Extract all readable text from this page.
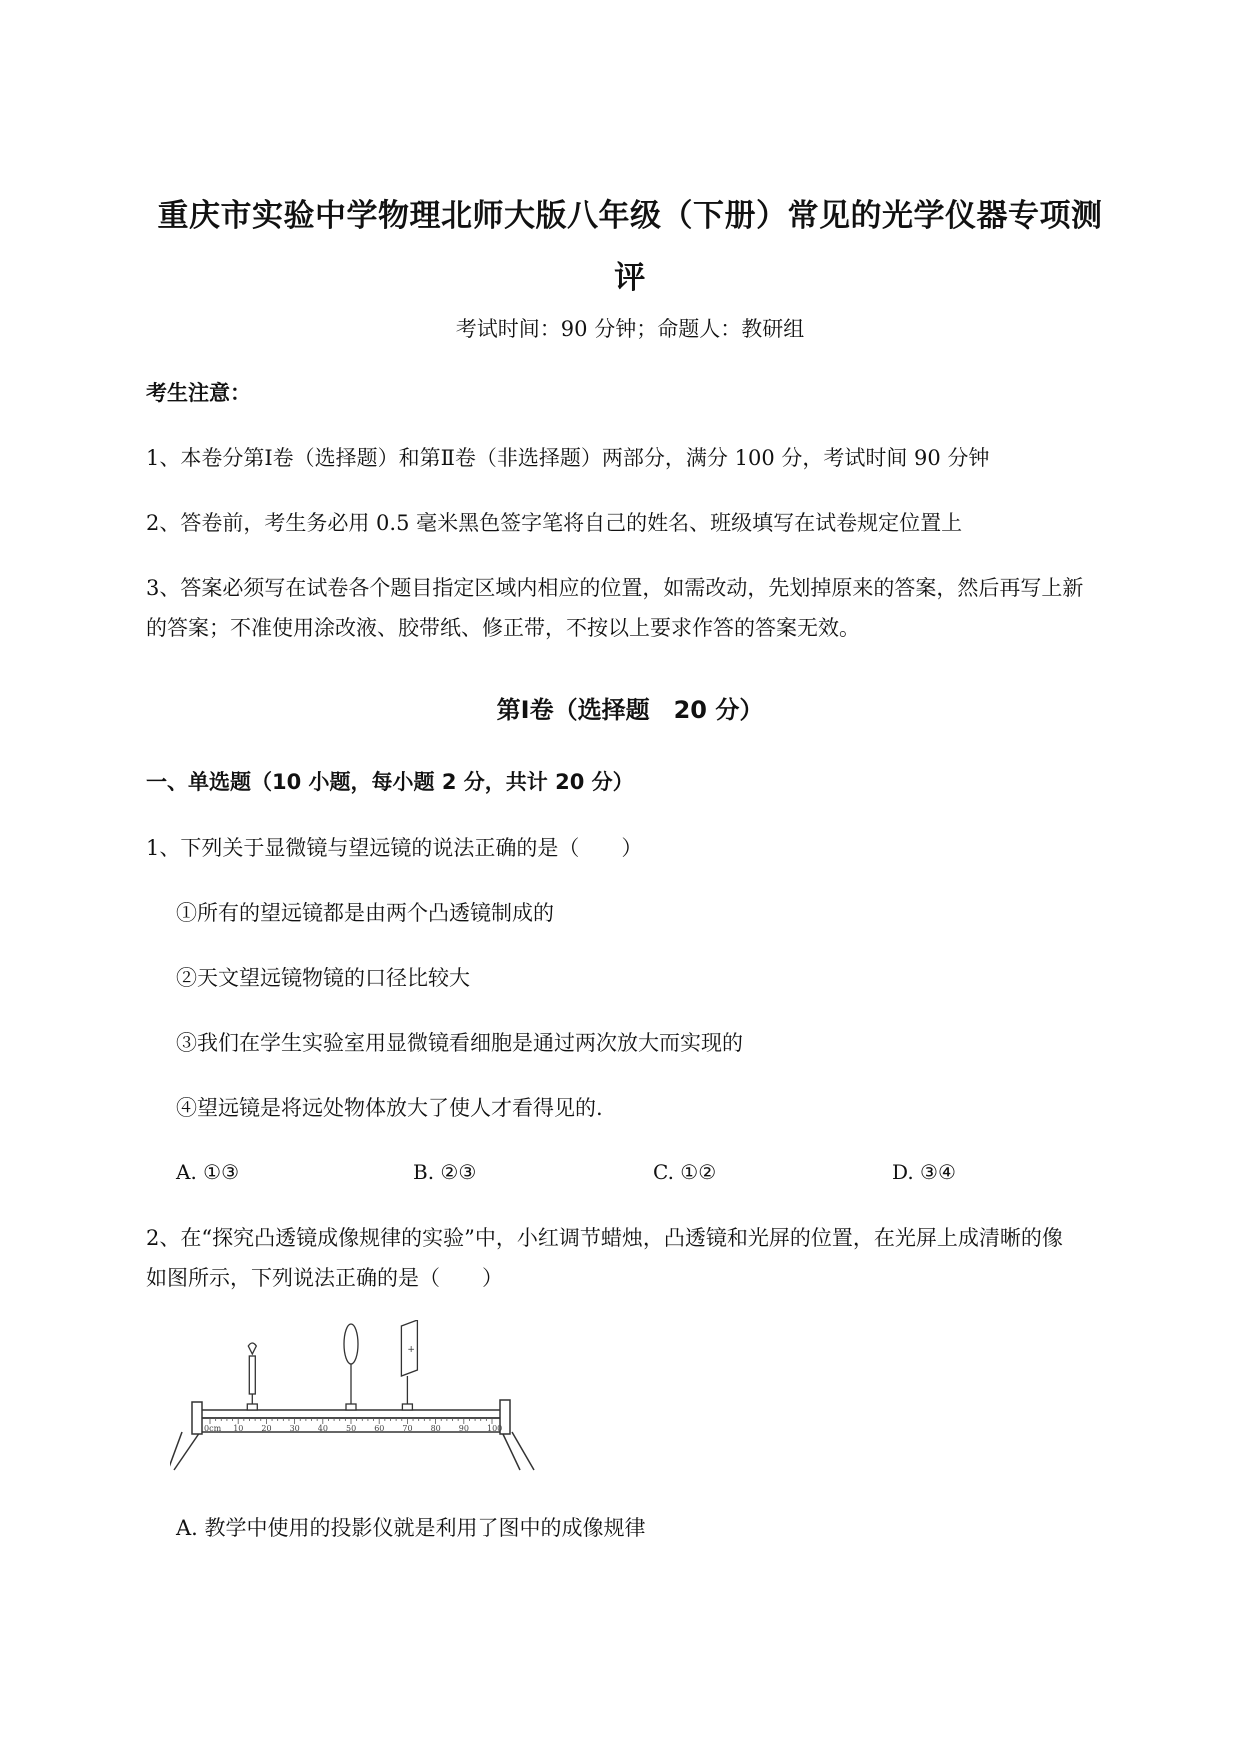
重庆市实验中学物理北师大版八年级（下册）常见的光学仪器专项测
评
考试时间：90 分钟；命题人：教研组
考生注意：
1、本卷分第Ⅰ卷（选择题）和第Ⅱ卷（非选择题）两部分，满分 100 分，考试时间 90 分钟
2、答卷前，考生务必用 0.5 毫米黑色签字笔将自己的姓名、班级填写在试卷规定位置上
3、答案必须写在试卷各个题目指定区域内相应的位置，如需改动，先划掉原来的答案，然后再写上新
的答案；不准使用涂改液、胶带纸、修正带，不按以上要求作答的答案无效。
第Ⅰ卷（选择题　20 分）
一、单选题（10 小题，每小题 2 分，共计 20 分）
1、下列关于显微镜与望远镜的说法正确的是（　　）
①所有的望远镜都是由两个凸透镜制成的
②天文望远镜物镜的口径比较大
③我们在学生实验室用显微镜看细胞是通过两次放大而实现的
④望远镜是将远处物体放大了使人才看得见的.
A. ①③	B. ②③	C. ①②	D. ③④
2、在“探究凸透镜成像规律的实验”中，小红调节蜡烛，凸透镜和光屏的位置，在光屏上成清晰的像
如图所示，下列说法正确的是（　　）
0cm 10 20 30 40 50 60 70 80 90 100
+
A. 教学中使用的投影仪就是利用了图中的成像规律
